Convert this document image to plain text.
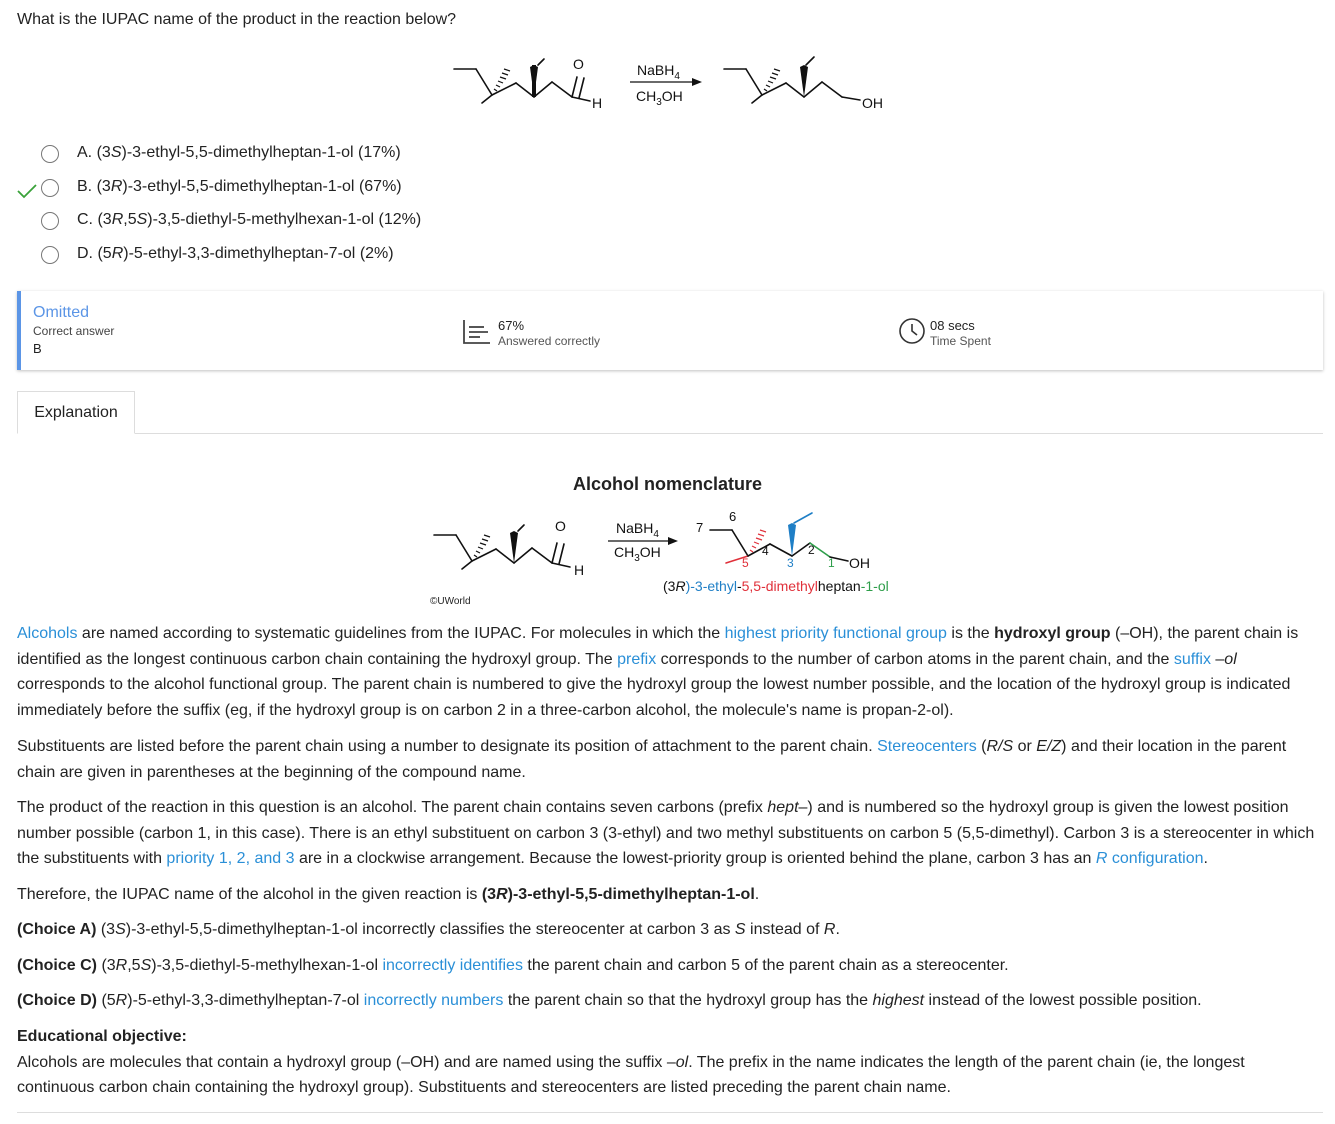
What is the IUPAC name of the product in the reaction below?
O
H
NaBH$_4$
$CH_3OH$	OH
A. (3S)-3-ethyl-5,5-dimethylheptan-1-ol (17%)
B. (3R)-3-ethyl-5,5-dimethylheptan-1-ol (67%)
C. (3R,5S)-3,5-diethyl-5-methylhexan-1-ol (12%)
D. (5R)-5-ethyl-3,3-dimethylheptan-7-ol (2%)
Omitted
Correct answer
B
67%
Answered correctly
08 secs
Time Spent
Explanation
Alcohol nomenclature
O
H
NaBH$_4$
$CH_3OH$
7
6
5
4
3
2
1 OH
(3R)-3-ethyl-5,5-dimethylheptan-1-ol
©UWorld

Alcohols are named according to systematic guidelines from the IUPAC. For molecules in which the highest priority functional group is the hydroxyl group (–OH), the parent chain is identified as the longest continuous carbon chain containing the hydroxyl group. The prefix corresponds to the number of carbon atoms in the parent chain, and the suffix –ol corresponds to the alcohol functional group. The parent chain is numbered to give the hydroxyl group the lowest number possible, and the location of the hydroxyl group is indicated immediately before the suffix (eg, if the hydroxyl group is on carbon 2 in a three-carbon alcohol, the molecule's name is propan-2-ol).

Substituents are listed before the parent chain using a number to designate its position of attachment to the parent chain. Stereocenters (R/S or E/Z) and their location in the parent chain are given in parentheses at the beginning of the compound name.

The product of the reaction in this question is an alcohol. The parent chain contains seven carbons (prefix hept–) and is numbered so the hydroxyl group is given the lowest position number possible (carbon 1, in this case). There is an ethyl substituent on carbon 3 (3-ethyl) and two methyl substituents on carbon 5 (5,5-dimethyl). Carbon 3 is a stereocenter in which the substituents with priority 1, 2, and 3 are in a clockwise arrangement. Because the lowest-priority group is oriented behind the plane, carbon 3 has an R configuration.

Therefore, the IUPAC name of the alcohol in the given reaction is (3R)-3-ethyl-5,5-dimethylheptan-1-ol.

(Choice A) (3S)-3-ethyl-5,5-dimethylheptan-1-ol incorrectly classifies the stereocenter at carbon 3 as S instead of R.

(Choice C) (3R,5S)-3,5-diethyl-5-methylhexan-1-ol incorrectly identifies the parent chain and carbon 5 of the parent chain as a stereocenter.

(Choice D) (5R)-5-ethyl-3,3-dimethylheptan-7-ol incorrectly numbers the parent chain so that the hydroxyl group has the highest instead of the lowest possible position.

Educational objective:
Alcohols are molecules that contain a hydroxyl group (–OH) and are named using the suffix –ol. The prefix in the name indicates the length of the parent chain (ie, the longest continuous carbon chain containing the hydroxyl group). Substituents and stereocenters are listed preceding the parent chain name.
